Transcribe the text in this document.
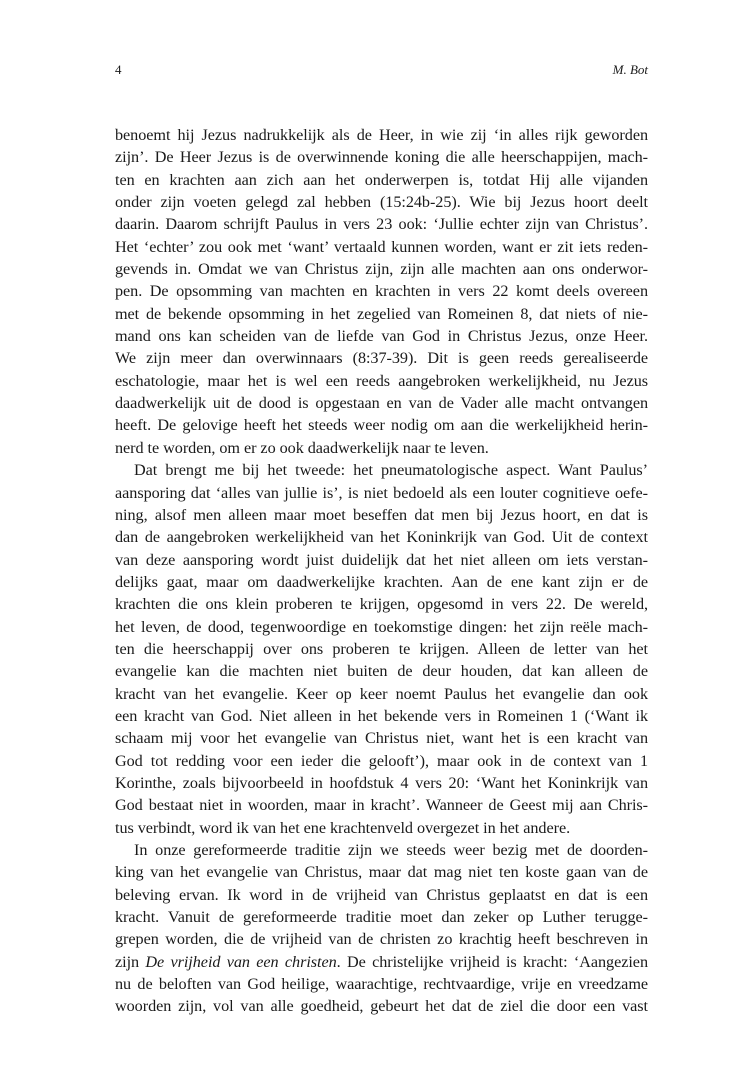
4	M. Bot
benoemt hij Jezus nadrukkelijk als de Heer, in wie zij ‘in alles rijk geworden
zijn’. De Heer Jezus is de overwinnende koning die alle heerschappijen, mach-
ten en krachten aan zich aan het onderwerpen is, totdat Hij alle vijanden
onder zijn voeten gelegd zal hebben (15:24b-25). Wie bij Jezus hoort deelt
daarin. Daarom schrijft Paulus in vers 23 ook: ‘Jullie echter zijn van Christus’.
Het ‘echter’ zou ook met ‘want’ vertaald kunnen worden, want er zit iets reden-
gevends in. Omdat we van Christus zijn, zijn alle machten aan ons onderwor-
pen. De opsomming van machten en krachten in vers 22 komt deels overeen
met de bekende opsomming in het zegelied van Romeinen 8, dat niets of nie-
mand ons kan scheiden van de liefde van God in Christus Jezus, onze Heer.
We zijn meer dan overwinnaars (8:37-39). Dit is geen reeds gerealiseerde
eschatologie, maar het is wel een reeds aangebroken werkelijkheid, nu Jezus
daadwerkelijk uit de dood is opgestaan en van de Vader alle macht ontvangen
heeft. De gelovige heeft het steeds weer nodig om aan die werkelijkheid herin-
nerd te worden, om er zo ook daadwerkelijk naar te leven.
Dat brengt me bij het tweede: het pneumatologische aspect. Want Paulus’
aansporing dat ‘alles van jullie is’, is niet bedoeld als een louter cognitieve oefe-
ning, alsof men alleen maar moet beseffen dat men bij Jezus hoort, en dat is
dan de aangebroken werkelijkheid van het Koninkrijk van God. Uit de context
van deze aansporing wordt juist duidelijk dat het niet alleen om iets verstan-
delijks gaat, maar om daadwerkelijke krachten. Aan de ene kant zijn er de
krachten die ons klein proberen te krijgen, opgesomd in vers 22. De wereld,
het leven, de dood, tegenwoordige en toekomstige dingen: het zijn reële mach-
ten die heerschappij over ons proberen te krijgen. Alleen de letter van het
evangelie kan die machten niet buiten de deur houden, dat kan alleen de
kracht van het evangelie. Keer op keer noemt Paulus het evangelie dan ook
een kracht van God. Niet alleen in het bekende vers in Romeinen 1 (‘Want ik
schaam mij voor het evangelie van Christus niet, want het is een kracht van
God tot redding voor een ieder die gelooft’), maar ook in de context van 1
Korinthe, zoals bijvoorbeeld in hoofdstuk 4 vers 20: ‘Want het Koninkrijk van
God bestaat niet in woorden, maar in kracht’. Wanneer de Geest mij aan Chris-
tus verbindt, word ik van het ene krachtenveld overgezet in het andere.
In onze gereformeerde traditie zijn we steeds weer bezig met de doorden-
king van het evangelie van Christus, maar dat mag niet ten koste gaan van de
beleving ervan. Ik word in de vrijheid van Christus geplaatst en dat is een
kracht. Vanuit de gereformeerde traditie moet dan zeker op Luther terugge-
grepen worden, die de vrijheid van de christen zo krachtig heeft beschreven in
zijn De vrijheid van een christen. De christelijke vrijheid is kracht: ‘Aangezien
nu de beloften van God heilige, waarachtige, rechtvaardige, vrije en vreedzame
woorden zijn, vol van alle goedheid, gebeurt het dat de ziel die door een vast
